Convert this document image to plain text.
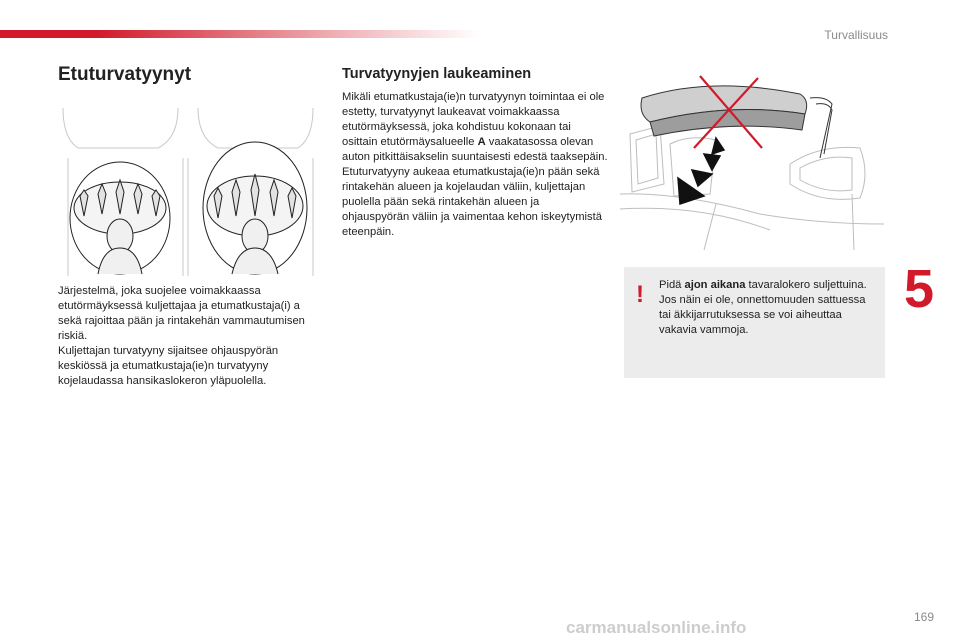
Turvallisuus
5
Etuturvatyynyt
Järjestelmä, joka suojelee voimakkaassa etutörmäyksessä kuljettajaa ja etumatkustaja(i) a sekä rajoittaa pään ja rintakehän vammautumisen riskiä.
Kuljettajan turvatyyny sijaitsee ohjauspyörän keskiössä ja etumatkustaja(ie)n turvatyyny kojelaudassa hansikaslokeron yläpuolella.
Turvatyynyjen laukeaminen
Mikäli etumatkustaja(ie)n turvatyynyn toimintaa ei ole estetty, turvatyynyt laukeavat voimakkaassa etutörmäyksessä, joka kohdistuu kokonaan tai osittain etutörmäysalueelle A vaakatasossa olevan auton pitkittäisakselin suuntaisesti edestä taaksepäin.
Etuturvatyyny aukeaa etumatkustaja(ie)n pään sekä rintakehän alueen ja kojelaudan väliin, kuljettajan puolella pään sekä rintakehän alueen ja ohjauspyörän väliin ja vaimentaa kehon iskeytymistä eteenpäin.
! Pidä ajon aikana tavaralokero suljettuina. Jos näin ei ole, onnettomuuden sattuessa tai äkkijarrutuksessa se voi aiheuttaa vakavia vammoja.
169
carmanualsonline.info
